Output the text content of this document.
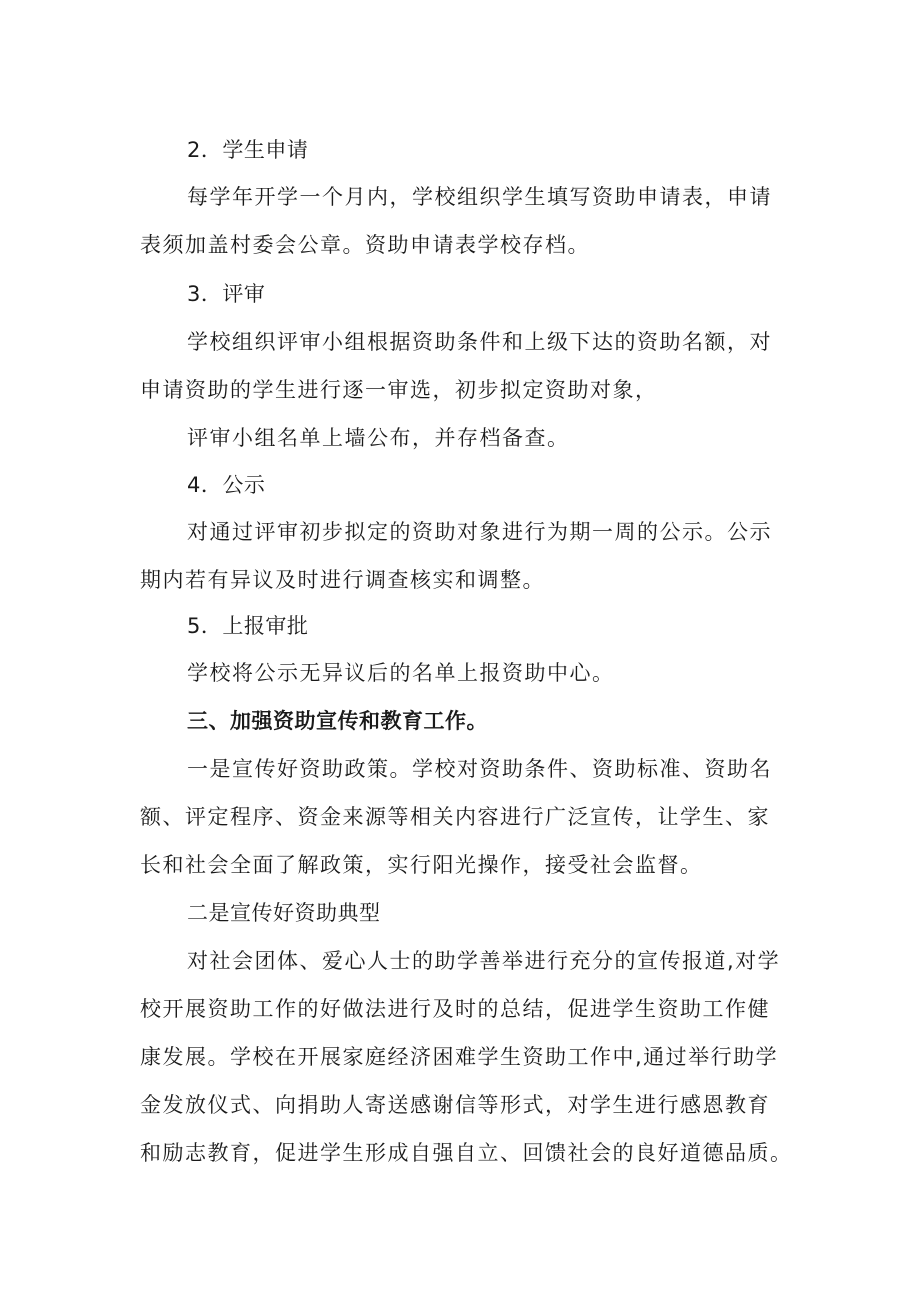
2．学生申请
每学年开学一个月内，学校组织学生填写资助申请表，申请
表须加盖村委会公章。资助申请表学校存档。
3．评审
学校组织评审小组根据资助条件和上级下达的资助名额，对
申请资助的学生进行逐一审选，初步拟定资助对象，
评审小组名单上墙公布，并存档备查。
4．公示
对通过评审初步拟定的资助对象进行为期一周的公示。公示
期内若有异议及时进行调查核实和调整。
5．上报审批
学校将公示无异议后的名单上报资助中心。
三、加强资助宣传和教育工作。
一是宣传好资助政策。学校对资助条件、资助标准、资助名
额、评定程序、资金来源等相关内容进行广泛宣传，让学生、家
长和社会全面了解政策，实行阳光操作，接受社会监督。
二是宣传好资助典型
对社会团体、爱心人士的助学善举进行充分的宣传报道,对学
校开展资助工作的好做法进行及时的总结，促进学生资助工作健
康发展。学校在开展家庭经济困难学生资助工作中,通过举行助学
金发放仪式、向捐助人寄送感谢信等形式，对学生进行感恩教育
和励志教育，促进学生形成自强自立、回馈社会的良好道德品质。
